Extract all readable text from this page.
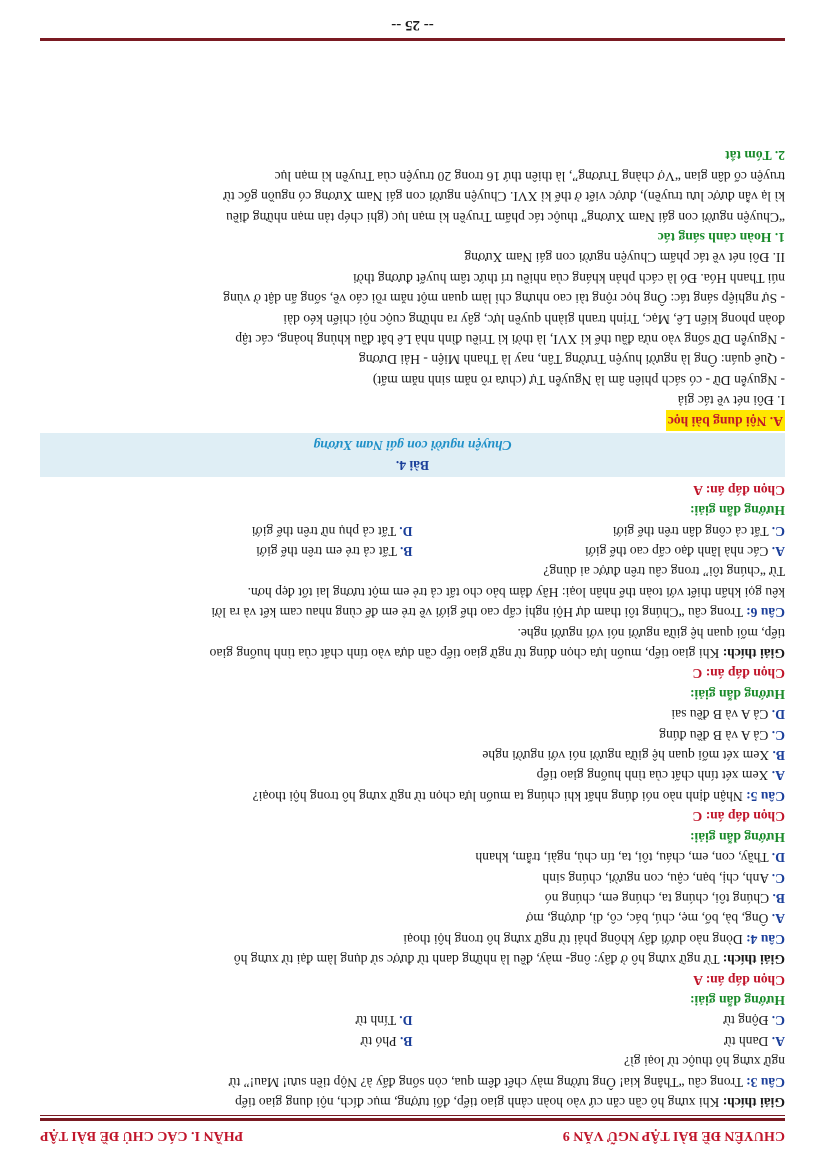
CHUYÊN ĐỀ BÀI TẬP NGỮ VĂN 9
PHẦN I. CÁC CHỦ ĐỀ BÀI TẬP

Giải thích: Khi xưng hô cần căn cứ vào hoàn cảnh giao tiếp, đối tượng, mục đích, nội dung giao tiếp

Câu 3: Trong câu “Thằng kia! Ông tưởng mày chết đêm qua, còn sống đấy à? Nộp tiền sưu! Mau!” từ

ngữ xưng hô thuộc từ loại gì?

A. Danh từ

B. Phó từ

C. Động từ

D. Tính từ

Hướng dẫn giải:

Chọn đáp án: A

Giải thích: Từ ngữ xưng hô ở đây: ông- mày, đều là những danh từ được sử dụng làm đại từ xưng hô

Câu 4: Dòng nào dưới đây không phải từ ngữ xưng hô trong hội thoại

A. Ông, bà, bố, mẹ, chú, bác, cô, dì, dượng, mợ

B. Chúng tôi, chúng ta, chúng em, chúng nó

C. Anh, chị, bạn, cậu, con người, chúng sinh

D. Thầy, con, em, cháu, tôi, ta, tín chủ, ngài, trẫm, khanh

Hướng dẫn giải:

Chọn đáp án: C

Câu 5: Nhận định nào nói đúng nhất khi chúng ta muốn lựa chọn từ ngữ xưng hô trong hội thoại?

A. Xem xét tính chất của tình huống giao tiếp

B. Xem xét mối quan hệ giữa người nói với người nghe

C. Cả A và B đều đúng

D. Cả A và B đều sai

Hướng dẫn giải:

Chọn đáp án: C

Giải thích: Khi giao tiếp, muốn lựa chọn đúng từ ngữ giao tiếp cần dựa vào tính chất của tình huống giao

tiếp, mối quan hệ giữa người nói với người nghe.

Câu 6: Trong câu “Chúng tôi tham dự Hội nghị cấp cao thế giới về trẻ em để cùng nhau cam kết và ra lời

kêu gọi khẩn thiết với toàn thể nhân loại: Hãy đảm bảo cho tất cả trẻ em một tương lai tốt đẹp hơn.

Từ “chúng tôi” trong câu trên được ai dùng?

A. Các nhà lãnh đạo cấp cao thế giới

B. Tất cả trẻ em trên thế giới

C. Tất cả công dân trên thế giới

D. Tất cả phụ nữ trên thế giới

Hướng dẫn giải:

Chọn đáp án: A

Bài 4.

Chuyện người con gái Nam Xương

A. Nội dung bài học

I. Đôi nét về tác giả

- Nguyễn Dữ - có sách phiên âm là Nguyễn Tự (chưa rõ năm sinh năm mất)

- Quê quán: Ông là người huyện Trường Tân, nay là Thanh Miện - Hải Dương

- Nguyễn Dữ sống vào nửa đầu thế kỉ XVI, là thời kì Triều đình nhà Lê bắt đầu khủng hoảng, các tập

đoàn phong kiến Lê, Mạc, Trịnh tranh giành quyền lực, gây ra những cuộc nội chiến kéo dài

- Sự nghiệp sáng tác: Ông học rộng tài cao nhưng chỉ làm quan một năm rồi cáo về, sống ẩn dật ở vùng

núi Thanh Hóa. Đó là cách phản kháng của nhiều trí thức tâm huyết đương thời

II. Đôi nét về tác phẩm Chuyện người con gái Nam Xương

1. Hoàn cảnh sáng tác

“Chuyện người con gái Nam Xương” thuộc tác phẩm Truyền kì mạn lục (ghi chép tản mạn những điều

kì lạ vẫn được lưu truyền), được viết ở thế kỉ XVI. Chuyện người con gái Nam Xương có nguồn gốc từ

truyện cổ dân gian “Vợ chàng Trương”, là thiên thứ 16 trong 20 truyện của Truyền kì mạn lục

2. Tóm tắt

-- 25 --
